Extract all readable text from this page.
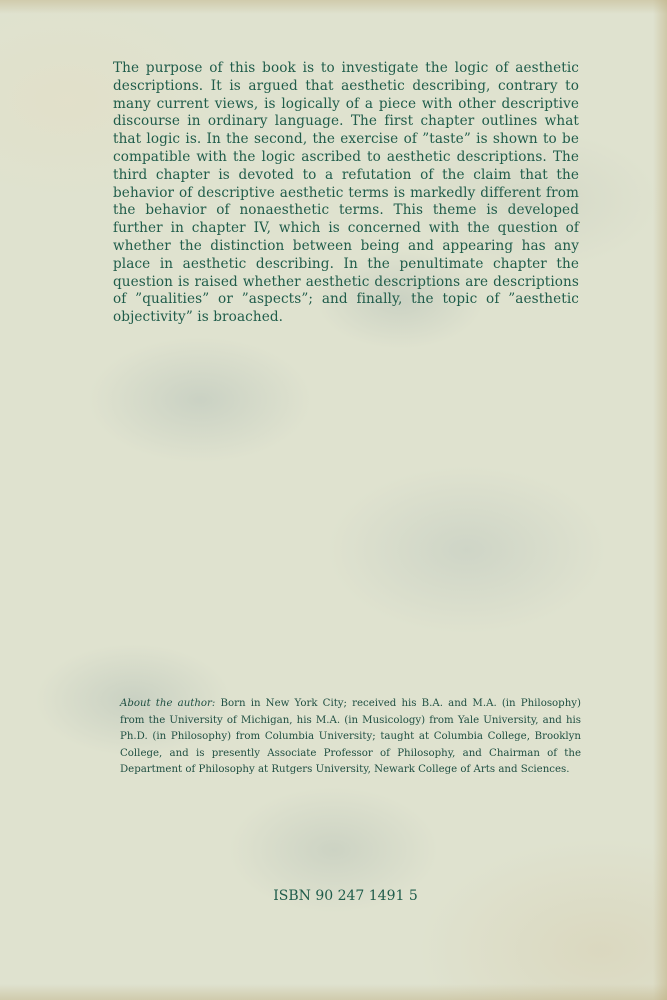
The purpose of this book is to investigate the logic of aesthetic descriptions. It is argued that aesthetic describing, contrary to many current views, is logically of a piece with other descriptive discourse in ordinary language. The first chapter outlines what that logic is. In the second, the exercise of ”taste” is shown to be compatible with the logic ascribed to aesthetic descriptions. The third chapter is devoted to a refutation of the claim that the behavior of descriptive aesthetic terms is markedly different from the behavior of nonaesthetic terms. This theme is developed further in chapter IV, which is concerned with the question of whether the distinction between being and appearing has any place in aesthetic describing. In the penultimate chapter the question is raised whether aesthetic descriptions are descriptions of ”qualities” or ”aspects”; and finally, the topic of ”aesthetic objectivity” is broached.

About the author: Born in New York City; received his B.A. and M.A. (in Philosophy) from the University of Michigan, his M.A. (in Musicology) from Yale University, and his Ph.D. (in Philosophy) from Columbia University; taught at Columbia College, Brooklyn College, and is presently Associate Professor of Philosophy, and Chairman of the Department of Philosophy at Rutgers University, Newark College of Arts and Sciences.

ISBN 90 247 1491 5
